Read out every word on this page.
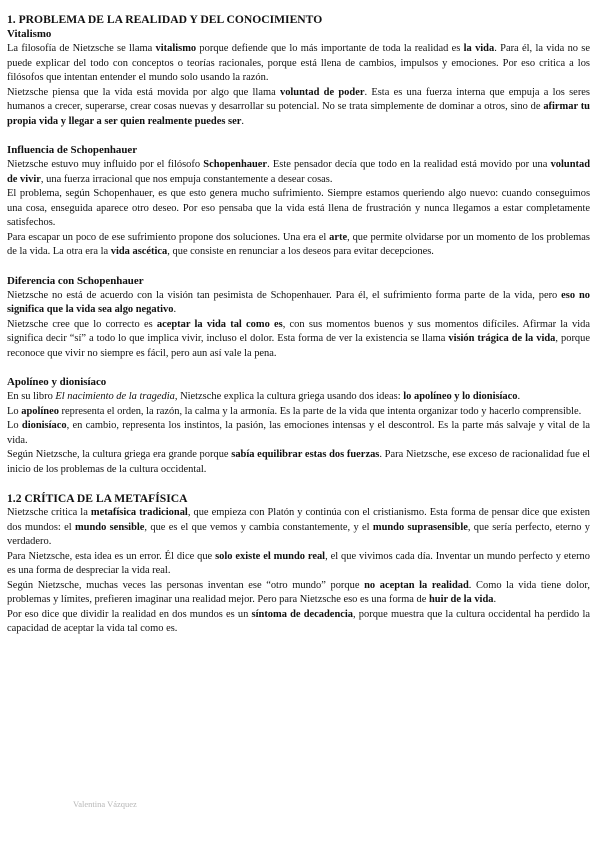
1. PROBLEMA DE LA REALIDAD Y DEL CONOCIMIENTO
Vitalismo

La filosofía de Nietzsche se llama vitalismo porque defiende que lo más importante de toda la realidad es la vida. Para él, la vida no se puede explicar del todo con conceptos o teorías racionales, porque está llena de cambios, impulsos y emociones. Por eso critica a los filósofos que intentan entender el mundo solo usando la razón.

Nietzsche piensa que la vida está movida por algo que llama voluntad de poder. Esta es una fuerza interna que empuja a los seres humanos a crecer, superarse, crear cosas nuevas y desarrollar su potencial. No se trata simplemente de dominar a otros, sino de afirmar tu propia vida y llegar a ser quien realmente puedes ser.

Influencia de Schopenhauer

Nietzsche estuvo muy influido por el filósofo Schopenhauer. Este pensador decía que todo en la realidad está movido por una voluntad de vivir, una fuerza irracional que nos empuja constantemente a desear cosas.

El problema, según Schopenhauer, es que esto genera mucho sufrimiento. Siempre estamos queriendo algo nuevo: cuando conseguimos una cosa, enseguida aparece otro deseo. Por eso pensaba que la vida está llena de frustración y nunca llegamos a estar completamente satisfechos.

Para escapar un poco de ese sufrimiento propone dos soluciones. Una era el arte, que permite olvidarse por un momento de los problemas de la vida. La otra era la vida ascética, que consiste en renunciar a los deseos para evitar decepciones.

Diferencia con Schopenhauer

Nietzsche no está de acuerdo con la visión tan pesimista de Schopenhauer. Para él, el sufrimiento forma parte de la vida, pero eso no significa que la vida sea algo negativo.

Nietzsche cree que lo correcto es aceptar la vida tal como es, con sus momentos buenos y sus momentos difíciles. Afirmar la vida significa decir “sí” a todo lo que implica vivir, incluso el dolor. Esta forma de ver la existencia se llama visión trágica de la vida, porque reconoce que vivir no siempre es fácil, pero aun así vale la pena.

Apolíneo y dionisíaco

En su libro El nacimiento de la tragedia, Nietzsche explica la cultura griega usando dos ideas: lo apolíneo y lo dionisíaco.

Lo apolíneo representa el orden, la razón, la calma y la armonía. Es la parte de la vida que intenta organizar todo y hacerlo comprensible.

Lo dionisíaco, en cambio, representa los instintos, la pasión, las emociones intensas y el descontrol. Es la parte más salvaje y vital de la vida.

Según Nietzsche, la cultura griega era grande porque sabía equilibrar estas dos fuerzas. Para Nietzsche, ese exceso de racionalidad fue el inicio de los problemas de la cultura occidental.

1.2 CRÍTICA DE LA METAFÍSICA

Nietzsche critica la metafísica tradicional, que empieza con Platón y continúa con el cristianismo. Esta forma de pensar dice que existen dos mundos: el mundo sensible, que es el que vemos y cambia constantemente, y el mundo suprasensible, que sería perfecto, eterno y verdadero.

Para Nietzsche, esta idea es un error. Él dice que solo existe el mundo real, el que vivimos cada día. Inventar un mundo perfecto y eterno es una forma de despreciar la vida real.

Según Nietzsche, muchas veces las personas inventan ese “otro mundo” porque no aceptan la realidad. Como la vida tiene dolor, problemas y límites, prefieren imaginar una realidad mejor. Pero para Nietzsche eso es una forma de huir de la vida.

Por eso dice que dividir la realidad en dos mundos es un síntoma de decadencia, porque muestra que la cultura occidental ha perdido la capacidad de aceptar la vida tal como es.

Valentina Vázquez
